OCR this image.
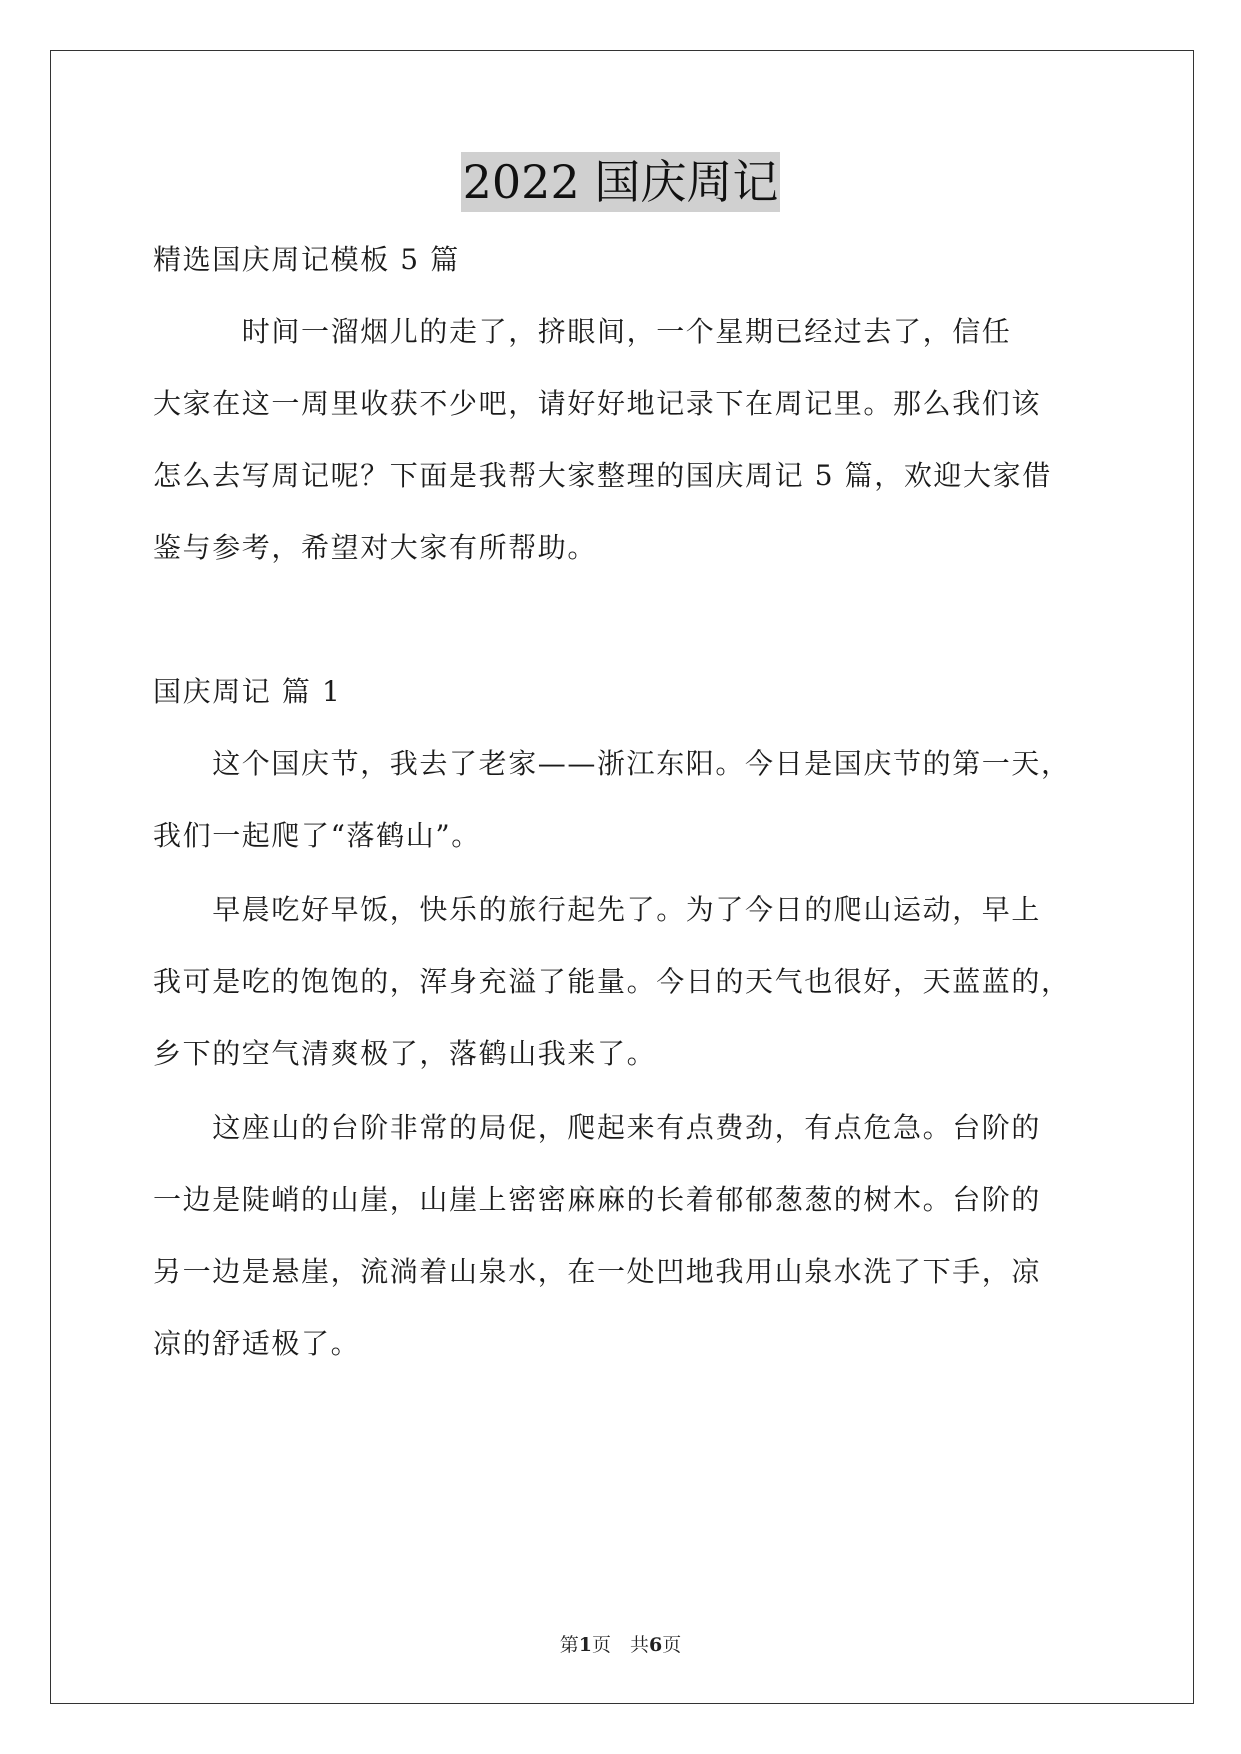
2022 国庆周记
精选国庆周记模板 5 篇
　　　时间一溜烟儿的走了，挤眼间，一个星期已经过去了，信任
大家在这一周里收获不少吧，请好好地记录下在周记里。那么我们该
怎么去写周记呢？下面是我帮大家整理的国庆周记 5 篇，欢迎大家借
鉴与参考，希望对大家有所帮助。
国庆周记 篇 1
　　这个国庆节，我去了老家——浙江东阳。今日是国庆节的第一天，
我们一起爬了“落鹤山”。
　　早晨吃好早饭，快乐的旅行起先了。为了今日的爬山运动，早上
我可是吃的饱饱的，浑身充溢了能量。今日的天气也很好，天蓝蓝的，
乡下的空气清爽极了，落鹤山我来了。
　　这座山的台阶非常的局促，爬起来有点费劲，有点危急。台阶的
一边是陡峭的山崖，山崖上密密麻麻的长着郁郁葱葱的树木。台阶的
另一边是悬崖，流淌着山泉水，在一处凹地我用山泉水洗了下手，凉
凉的舒适极了。
第1页　共6页
